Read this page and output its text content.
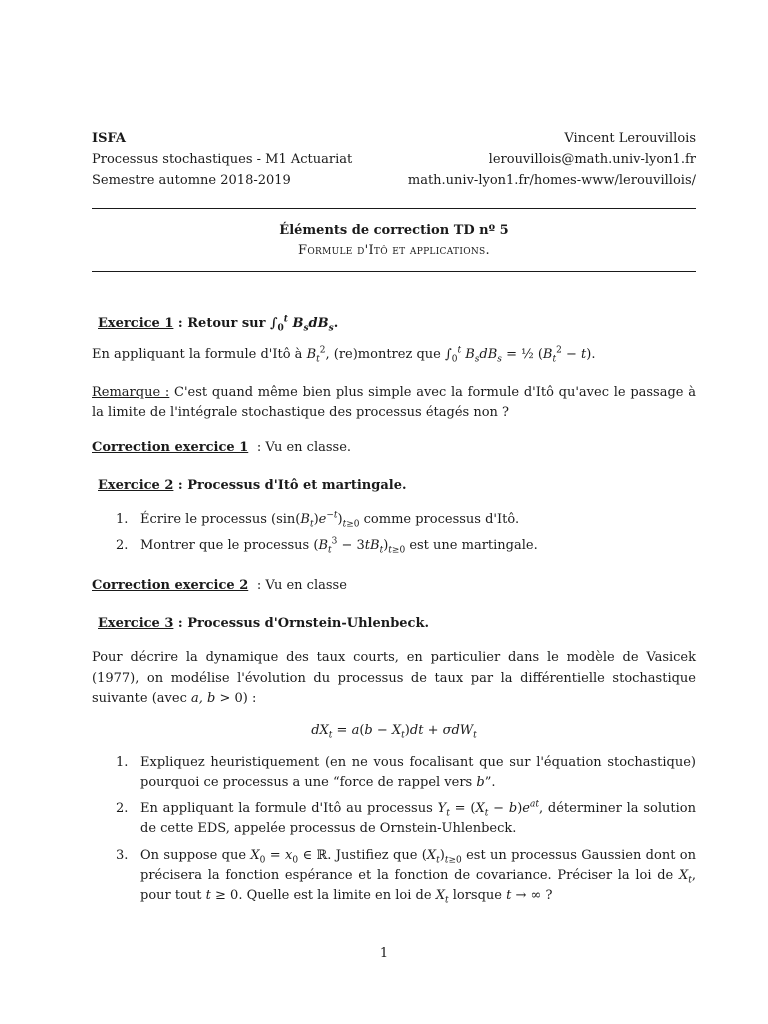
ISFA
Processus stochastiques - M1 Actuariat
Semestre automne 2018-2019
Vincent Lerouvillois
lerouvillois@math.univ-lyon1.fr
math.univ-lyon1.fr/homes-www/lerouvillois/
Éléments de correction TD nº 5
Formule d'Itô et applications.

Exercice 1 : Retour sur $\int_0^t$ $B_sdB_s$.

En appliquant la formule d'Itô à $B_t^2$, (re)montrez que $\int_0^t$ $B_sdB_s$ = ½ $(B_t^2 - t)$.

Remarque : C'est quand même bien plus simple avec la formule d'Itô qu'avec le passage à la limite de l'intégrale stochastique des processus étagés non ?

Correction exercice 1  : Vu en classe.

Exercice 2 : Processus d'Itô et martingale.

1. Écrire le processus $(\sin(B_t)e^{-t})_{t\ge 0}$ comme processus d'Itô.
2. Montrer que le processus $(B_t^3 - 3tB_t)_{t\ge 0}$ est une martingale.

Correction exercice 2  : Vu en classe

Exercice 3 : Processus d'Ornstein-Uhlenbeck.

Pour décrire la dynamique des taux courts, en particulier dans le modèle de Vasicek (1977), on modélise l'évolution du processus de taux par la différentielle stochastique suivante (avec a, b > 0) :

$dX_t = a(b - X_t)dt + \sigma dW_t$

1. Expliquez heuristiquement (en ne vous focalisant que sur l'équation stochastique) pourquoi ce processus a une “force de rappel vers b”.
2. En appliquant la formule d'Itô au processus $Y_t = (X_t - b)e^{at}$, déterminer la solution de cette EDS, appelée processus de Ornstein-Uhlenbeck.
3. On suppose que $X_0 = x_0$ ∈ ℝ. Justifiez que $(X_t)_{t\ge 0}$ est un processus Gaussien dont on précisera la fonction espérance et la fonction de covariance. Préciser la loi de $X_t$, pour tout t ≥ 0. Quelle est la limite en loi de $X_t$ lorsque t → ∞ ?
1
